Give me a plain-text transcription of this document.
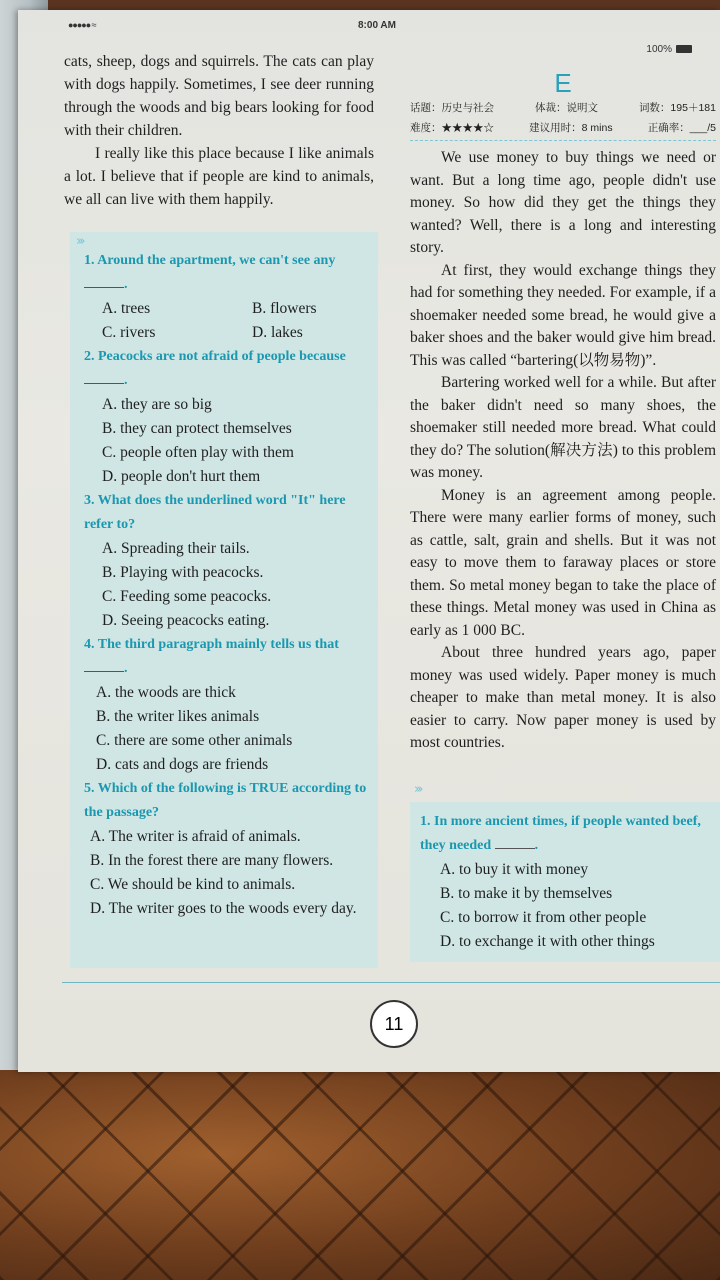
●●●●● ≈	8:00 AM
100%

cats, sheep, dogs and squirrels. The cats can play with dogs happily. Sometimes, I see deer running through the woods and big bears looking for food with their children.

I really like this place because I like animals a lot. I believe that if people are kind to animals, we all can live with them happily.

›››

1. Around the apartment, we can't see any .

A. trees	B. flowers

C. rivers	D. lakes

2. Peacocks are not afraid of people because .

A. they are so big

B. they can protect themselves

C. people often play with them

D. people don't hurt them

3. What does the underlined word "It" here refer to?

A. Spreading their tails.

B. Playing with peacocks.

C. Feeding some peacocks.

D. Seeing peacocks eating.

4. The third paragraph mainly tells us that .

A. the woods are thick

B. the writer likes animals

C. there are some other animals

D. cats and dogs are friends

5. Which of the following is TRUE according to the passage?

A. The writer is afraid of animals.

B. In the forest there are many flowers.

C. We should be kind to animals.

D. The writer goes to the woods every day.

E
话题：历史与社会	体裁：说明文	词数：195＋181
难度：★★★★☆	建议用时：8 mins	正确率：___/5

We use money to buy things we need or want. But a long time ago, people didn't use money. So how did they get the things they wanted? Well, there is a long and interesting story.

At first, they would exchange things they had for something they needed. For example, if a shoemaker needed some bread, he would give a baker shoes and the baker would give him bread. This was called “bartering(以物易物)”.

Bartering worked well for a while. But after the baker didn't need so many shoes, the shoemaker still needed more bread. What could they do? The solution(解决方法) to this problem was money.

Money is an agreement among people. There were many earlier forms of money, such as cattle, salt, grain and shells. But it was not easy to move them to faraway places or store them. So metal money began to take the place of these things. Metal money was used in China as early as 1 000 BC.

About three hundred years ago, paper money was used widely. Paper money is much cheaper to make than metal money. It is also easier to carry. Now paper money is used by most countries.

›››

1. In more ancient times, if people wanted beef, they needed	.

A. to buy it with money

B. to make it by themselves

C. to borrow it from other people

D. to exchange it with other things

11
